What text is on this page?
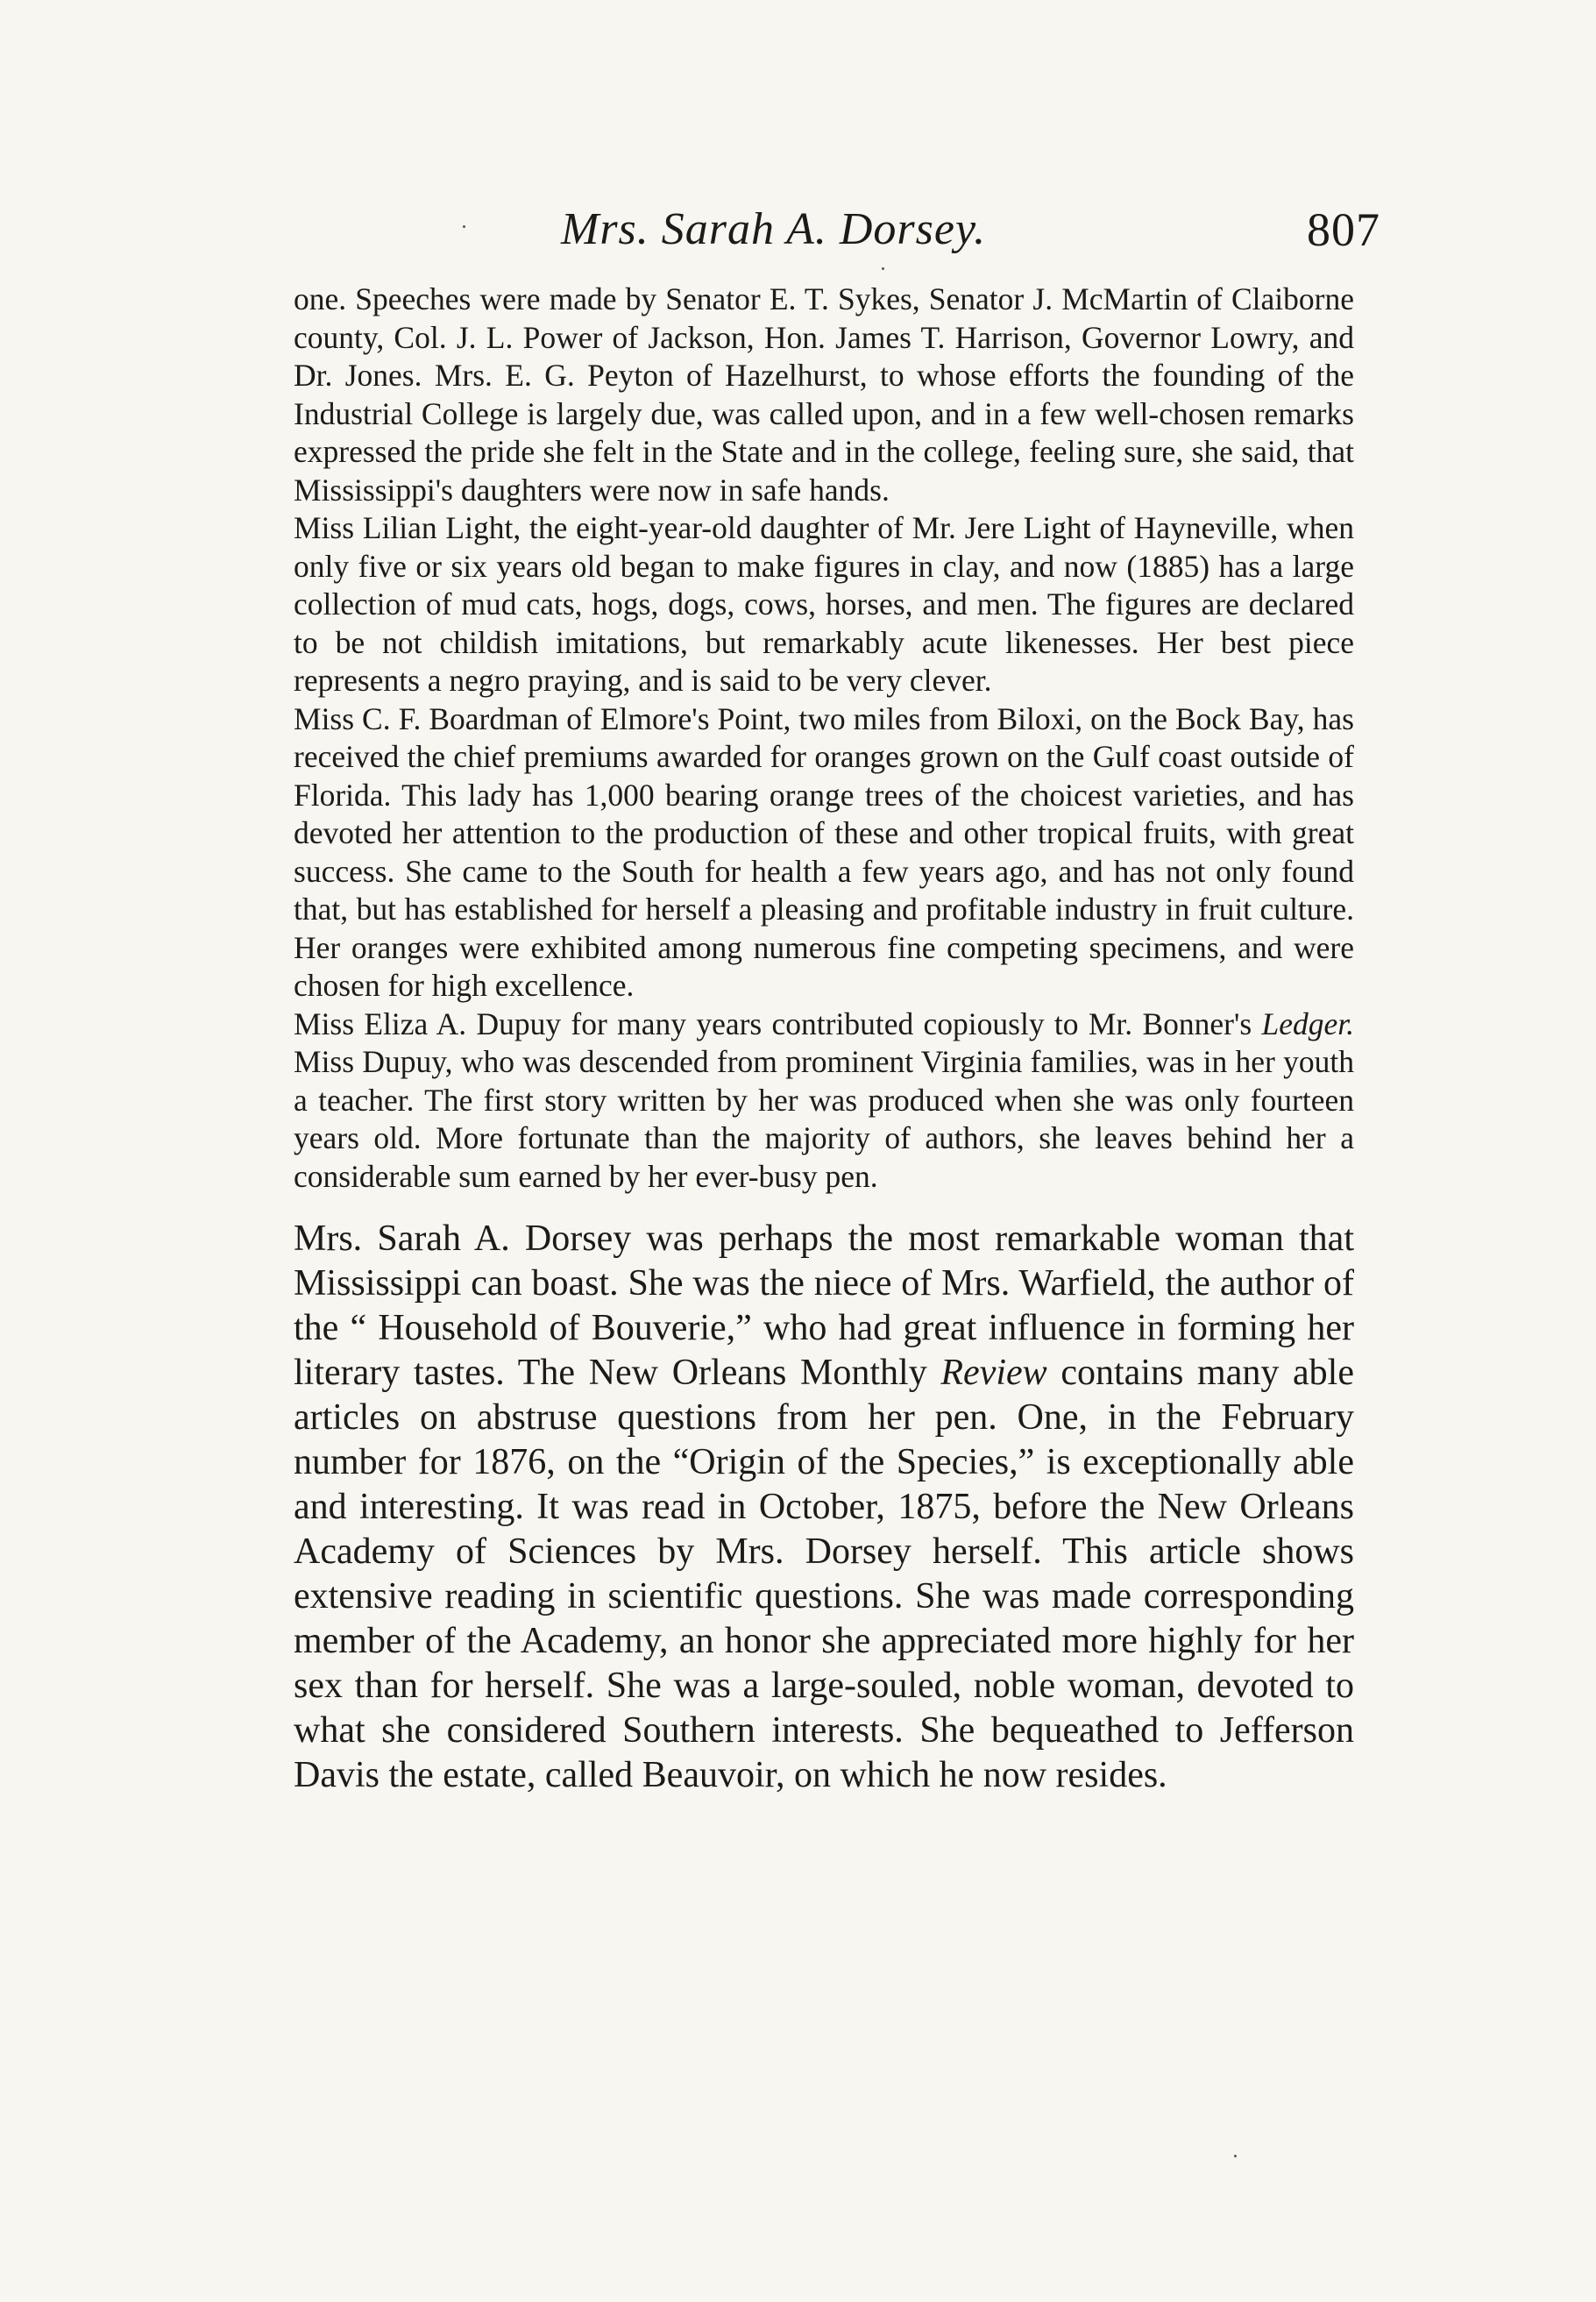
Mrs. Sarah A. Dorsey.	807

one. Speeches were made by Senator E. T. Sykes, Senator J. McMartin of Claiborne county, Col. J. L. Power of Jackson, Hon. James T. Harrison, Governor Lowry, and Dr. Jones. Mrs. E. G. Peyton of Hazelhurst, to whose efforts the founding of the Industrial College is largely due, was called upon, and in a few well-chosen remarks expressed the pride she felt in the State and in the college, feeling sure, she said, that Mississippi's daughters were now in safe hands.

Miss Lilian Light, the eight-year-old daughter of Mr. Jere Light of Hayneville, when only five or six years old began to make figures in clay, and now (1885) has a large collection of mud cats, hogs, dogs, cows, horses, and men. The figures are declared to be not childish imitations, but remarkably acute likenesses. Her best piece represents a negro praying, and is said to be very clever.

Miss C. F. Boardman of Elmore's Point, two miles from Biloxi, on the Bock Bay, has received the chief premiums awarded for oranges grown on the Gulf coast outside of Florida. This lady has 1,000 bearing orange trees of the choicest varieties, and has devoted her attention to the production of these and other tropical fruits, with great success. She came to the South for health a few years ago, and has not only found that, but has established for herself a pleasing and profitable industry in fruit culture. Her oranges were exhibited among numerous fine competing specimens, and were chosen for high excellence.

Miss Eliza A. Dupuy for many years contributed copiously to Mr. Bonner's Ledger. Miss Dupuy, who was descended from prominent Virginia families, was in her youth a teacher. The first story written by her was produced when she was only fourteen years old. More fortunate than the majority of authors, she leaves behind her a considerable sum earned by her ever-busy pen.

Mrs. Sarah A. Dorsey was perhaps the most remarkable woman that Mississippi can boast. She was the niece of Mrs. Warfield, the author of the “ Household of Bouverie,” who had great influence in forming her literary tastes. The New Orleans Monthly Review contains many able articles on abstruse questions from her pen. One, in the February number for 1876, on the “Origin of the Species,” is exceptionally able and interesting. It was read in October, 1875, before the New Orleans Academy of Sciences by Mrs. Dorsey herself. This article shows extensive reading in scientific questions. She was made corresponding member of the Academy, an honor she appreciated more highly for her sex than for herself. She was a large-souled, noble woman, devoted to what she considered Southern interests. She bequeathed to Jefferson Davis the estate, called Beauvoir, on which he now resides.
